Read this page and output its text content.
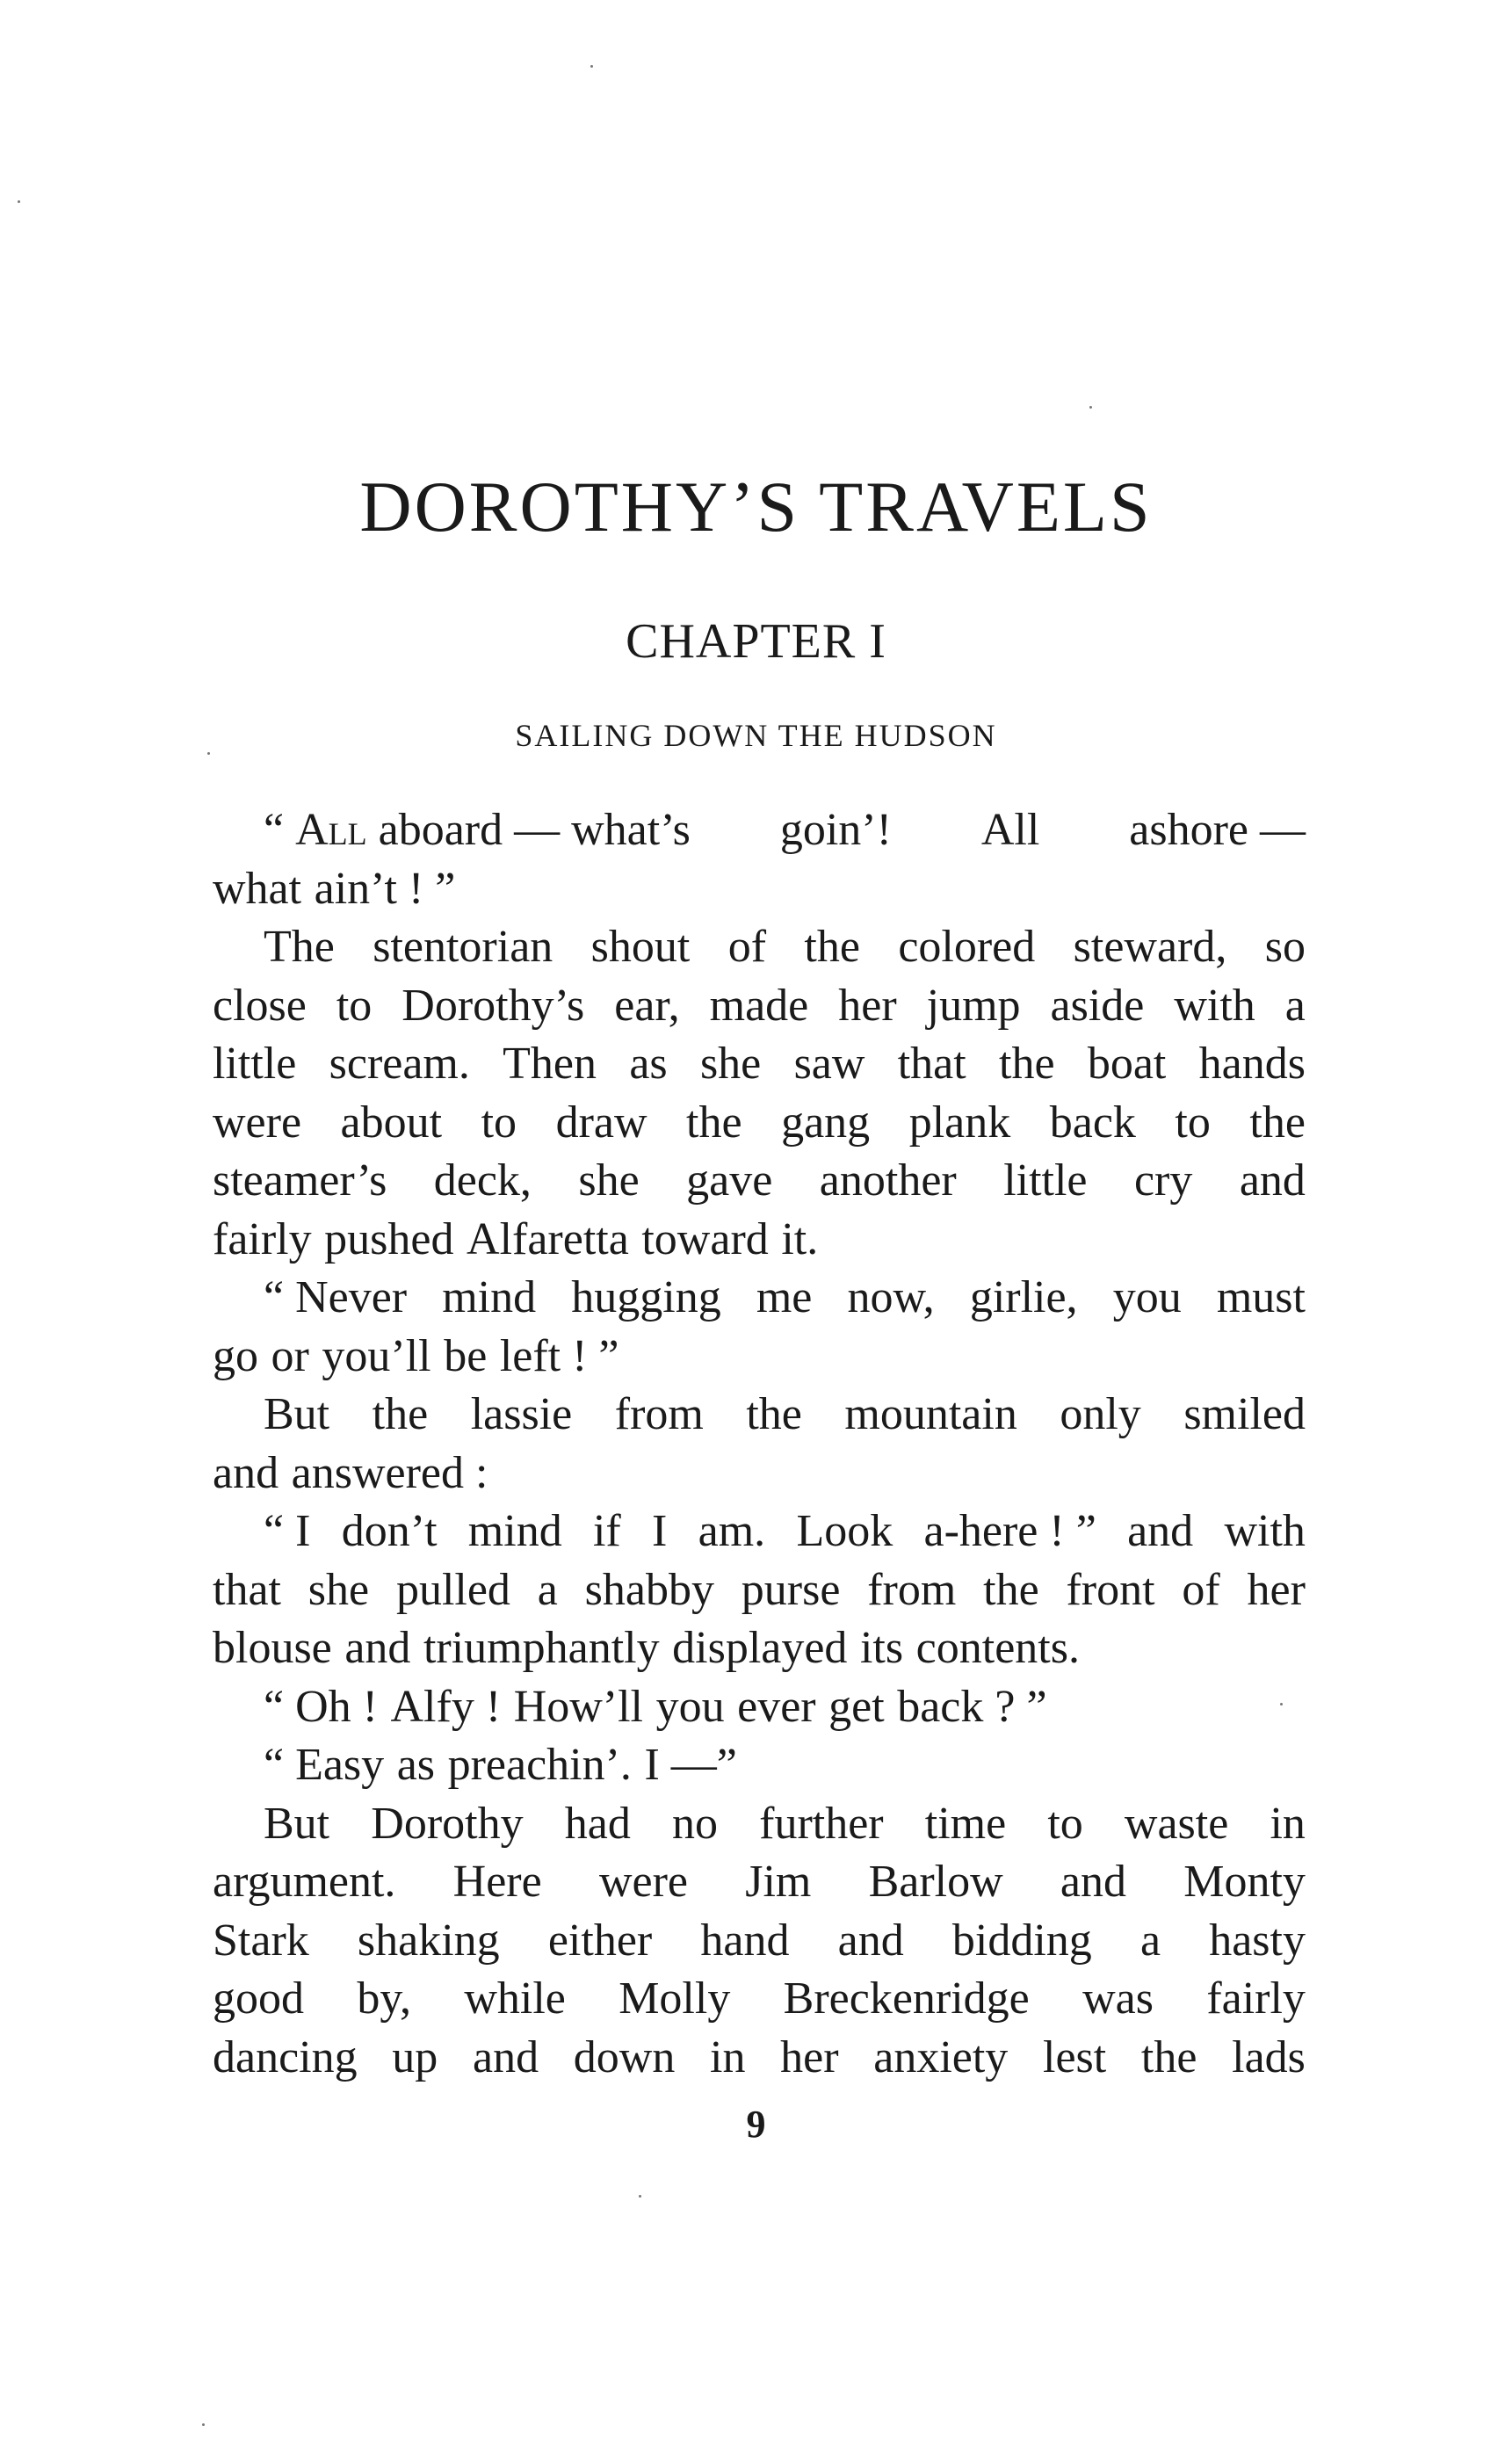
DOROTHY’S TRAVELS
CHAPTER I
SAILING DOWN THE HUDSON
“ All aboard — what’s goin’! All ashore —
what ain’t ! ”
The stentorian shout of the colored steward, so
close to Dorothy’s ear, made her jump aside with a
little scream. Then as she saw that the boat hands
were about to draw the gang plank back to the
steamer’s deck, she gave another little cry and
fairly pushed Alfaretta toward it.
“ Never mind hugging me now, girlie, you must
go or you’ll be left ! ”
But the lassie from the mountain only smiled
and answered :
“ I don’t mind if I am. Look a-here ! ” and with
that she pulled a shabby purse from the front of her
blouse and triumphantly displayed its contents.
“ Oh ! Alfy ! How’ll you ever get back ? ”
“ Easy as preachin’. I —”
But Dorothy had no further time to waste in
argument. Here were Jim Barlow and Monty
Stark shaking either hand and bidding a hasty
good by, while Molly Breckenridge was fairly
dancing up and down in her anxiety lest the lads

9
